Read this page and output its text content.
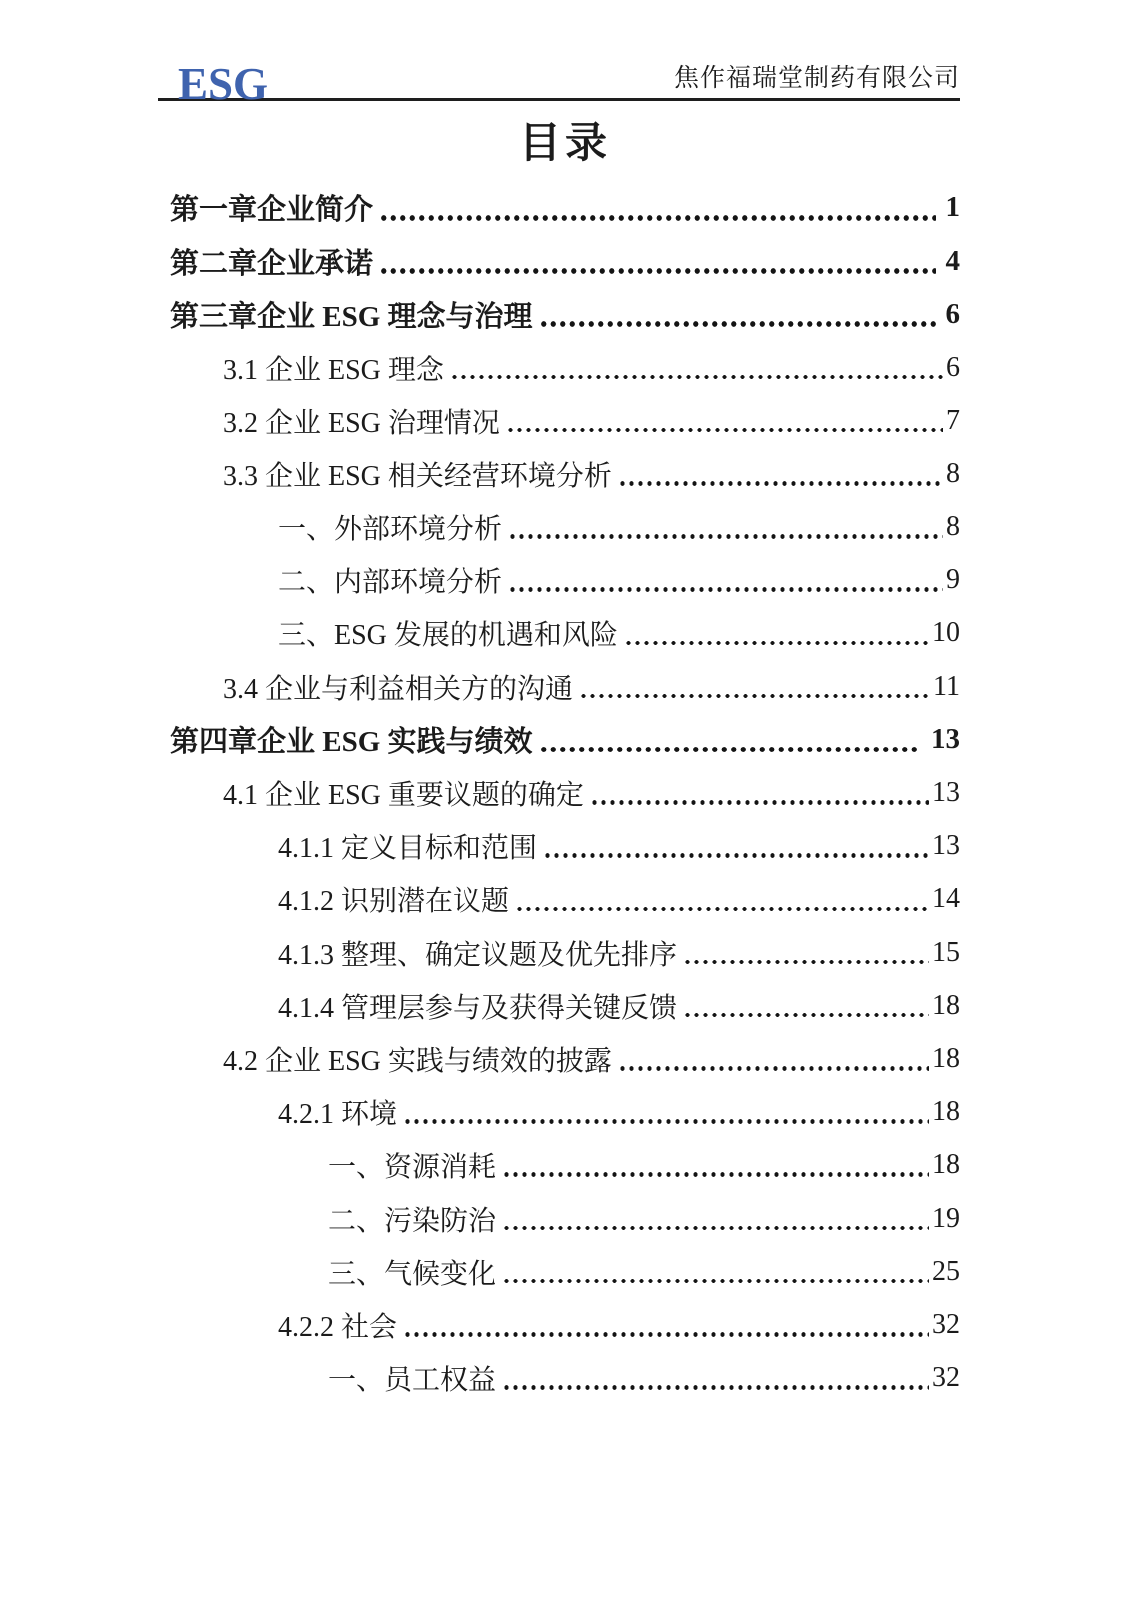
ESG	焦作福瑞堂制药有限公司
目录
第一章企业简介	1
第二章企业承诺	4
第三章企业 ESG 理念与治理	6
3.1 企业 ESG 理念	6
3.2 企业 ESG 治理情况	7
3.3 企业 ESG 相关经营环境分析	8
一、外部环境分析	8
二、内部环境分析	9
三、ESG 发展的机遇和风险	10
3.4 企业与利益相关方的沟通	11
第四章企业 ESG 实践与绩效	13
4.1 企业 ESG 重要议题的确定	13
4.1.1 定义目标和范围	13
4.1.2 识别潜在议题	14
4.1.3 整理、确定议题及优先排序	15
4.1.4 管理层参与及获得关键反馈	18
4.2 企业 ESG 实践与绩效的披露	18
4.2.1 环境	18
一、资源消耗	18
二、污染防治	19
三、气候变化	25
4.2.2 社会	32
一、员工权益	32
